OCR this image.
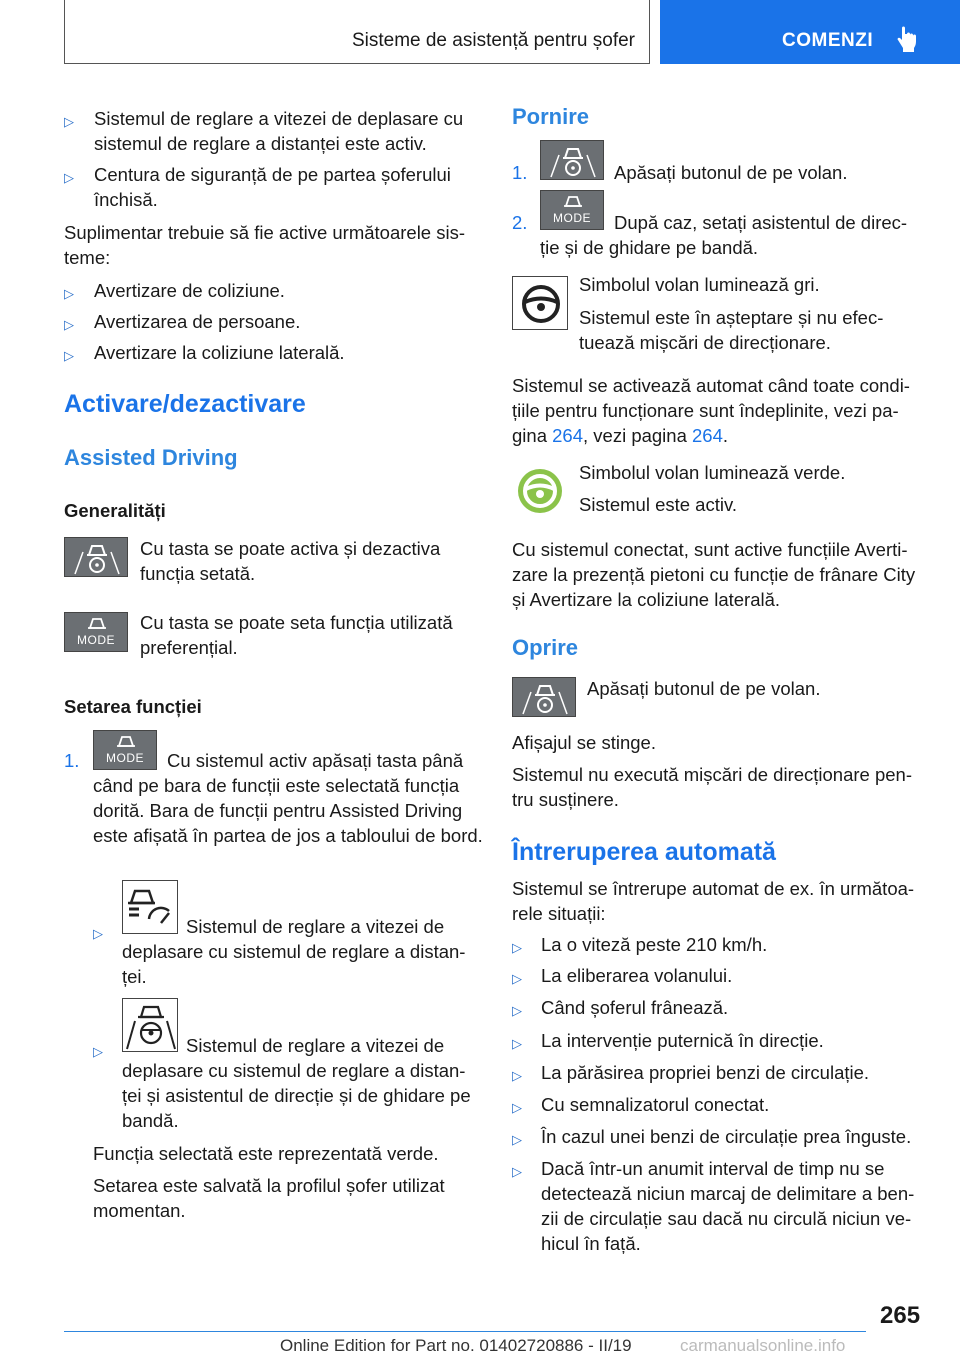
Sisteme de asistență pentru șofer	COMENZI
▷ Sistemul de reglare a vitezei de deplasare cu sistemul de reglare a distanței este activ.
▷ Centura de siguranță de pe partea șoferului închisă.
Suplimentar trebuie să fie active următoarele sis-teme:
▷ Avertizare de coliziune.
▷ Avertizarea de persoane.
▷ Avertizare la coliziune laterală.
Activare/dezactivare
Assisted Driving
Generalități
Cu tasta se poate activa și dezactiva funcția setată.
MODE
Cu tasta se poate seta funcția utilizată preferențial.
Setarea funcției
1.	MODE	Cu sistemul activ apăsați tasta până când pe bara de funcții este selectată funcția dorită. Bara de funcții pentru Assisted Driving este afișată în partea de jos a tabloului de bord.
▷	Sistemul de reglare a vitezei de deplasare cu sistemul de reglare a distan-ței.
▷	Sistemul de reglare a vitezei de deplasare cu sistemul de reglare a distan-ței și asistentul de direcție și de ghidare pe bandă.
Funcția selectată este reprezentată verde.
Setarea este salvată la profilul șofer utilizat momentan.
Pornire
1.	Apăsați butonul de pe volan.
2.	MODE	După caz, setați asistentul de direc-ție și de ghidare pe bandă.
Simbolul volan luminează gri.
Sistemul este în așteptare și nu efec-tuează mișcări de direcționare.
Sistemul se activează automat când toate condi-țiile pentru funcționare sunt îndeplinite, vezi pa-gina 264, vezi pagina 264.
Simbolul volan luminează verde.
Sistemul este activ.
Cu sistemul conectat, sunt active funcțiile Averti-zare la prezență pietoni cu funcție de frânare City și Avertizare la coliziune laterală.
Oprire
Apăsați butonul de pe volan.
Afișajul se stinge.
Sistemul nu execută mișcări de direcționare pen-tru susținere.
Întreruperea automată
Sistemul se întrerupe automat de ex. în următoa-rele situații:
▷ La o viteză peste 210 km/h.
▷ La eliberarea volanului.
▷ Când șoferul frânează.
▷ La intervenție puternică în direcție.
▷ La părăsirea propriei benzi de circulație.
▷ Cu semnalizatorul conectat.
▷ În cazul unei benzi de circulație prea înguste.
▷ Dacă într-un anumit interval de timp nu se detectează niciun marcaj de delimitare a ben-zii de circulație sau dacă nu circulă niciun ve-hicul în față.
265
Online Edition for Part no. 01402720886 - II/19	carmanualsonline.info
